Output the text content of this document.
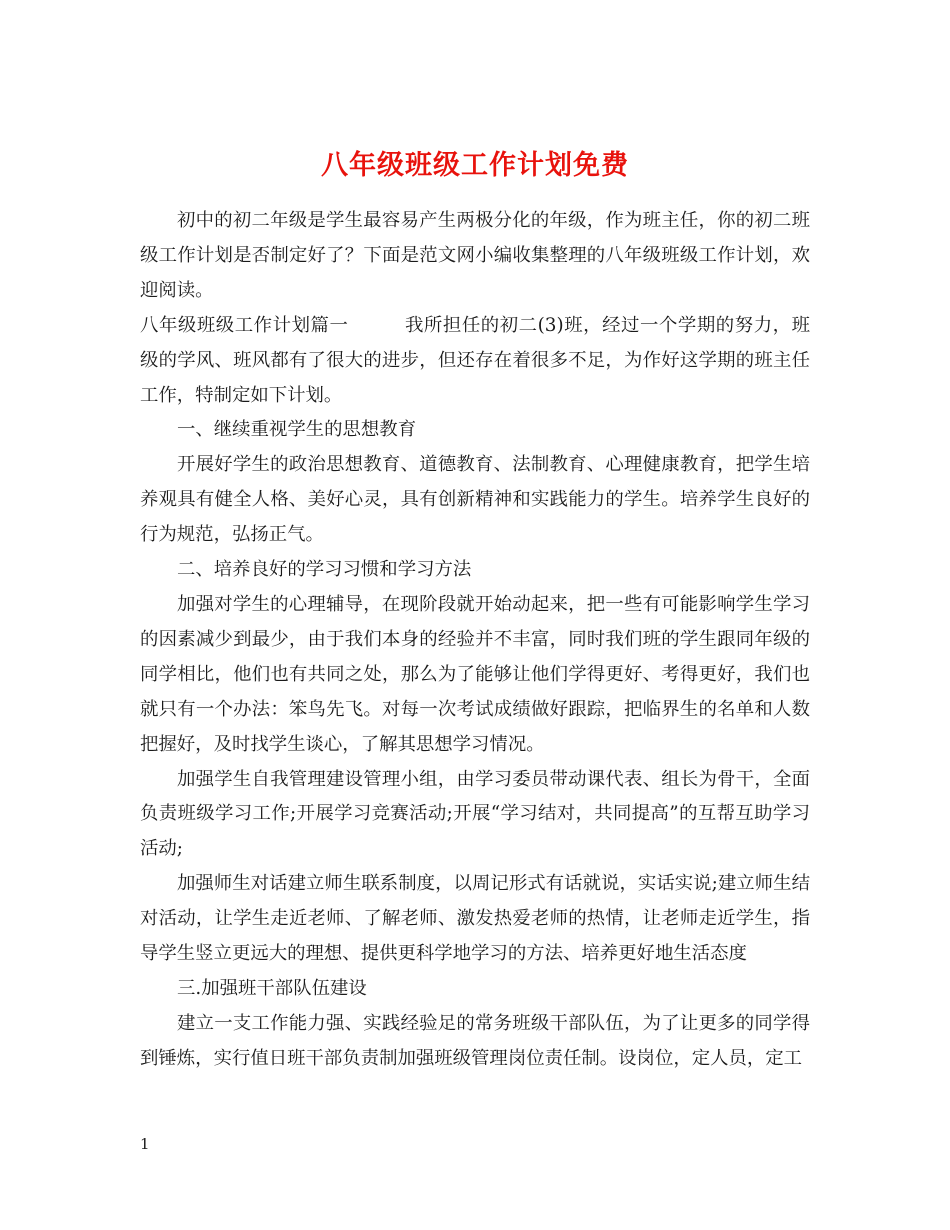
八年级班级工作计划免费

初中的初二年级是学生最容易产生两极分化的年级，作为班主任，你的初二班级工作计划是否制定好了？下面是范文网小编收集整理的八年级班级工作计划，欢迎阅读。

八年级班级工作计划篇一	我所担任的初二(3)班，经过一个学期的努力，班级的学风、班风都有了很大的进步，但还存在着很多不足，为作好这学期的班主任工作，特制定如下计划。

一、继续重视学生的思想教育

开展好学生的政治思想教育、道德教育、法制教育、心理健康教育，把学生培养观具有健全人格、美好心灵，具有创新精神和实践能力的学生。培养学生良好的行为规范，弘扬正气。

二、培养良好的学习习惯和学习方法

加强对学生的心理辅导，在现阶段就开始动起来，把一些有可能影响学生学习的因素减少到最少，由于我们本身的经验并不丰富，同时我们班的学生跟同年级的同学相比，他们也有共同之处，那么为了能够让他们学得更好、考得更好，我们也就只有一个办法：笨鸟先飞。对每一次考试成绩做好跟踪，把临界生的名单和人数把握好，及时找学生谈心，了解其思想学习情况。

加强学生自我管理建设管理小组，由学习委员带动课代表、组长为骨干，全面负责班级学习工作;开展学习竞赛活动;开展“学习结对，共同提高”的互帮互助学习活动;

加强师生对话建立师生联系制度，以周记形式有话就说，实话实说;建立师生结对活动，让学生走近老师、了解老师、激发热爱老师的热情，让老师走近学生，指导学生竖立更远大的理想、提供更科学地学习的方法、培养更好地生活态度

三.加强班干部队伍建设

建立一支工作能力强、实践经验足的常务班级干部队伍，为了让更多的同学得到锤炼，实行值日班干部负责制加强班级管理岗位责任制。设岗位，定人员，定工

1
